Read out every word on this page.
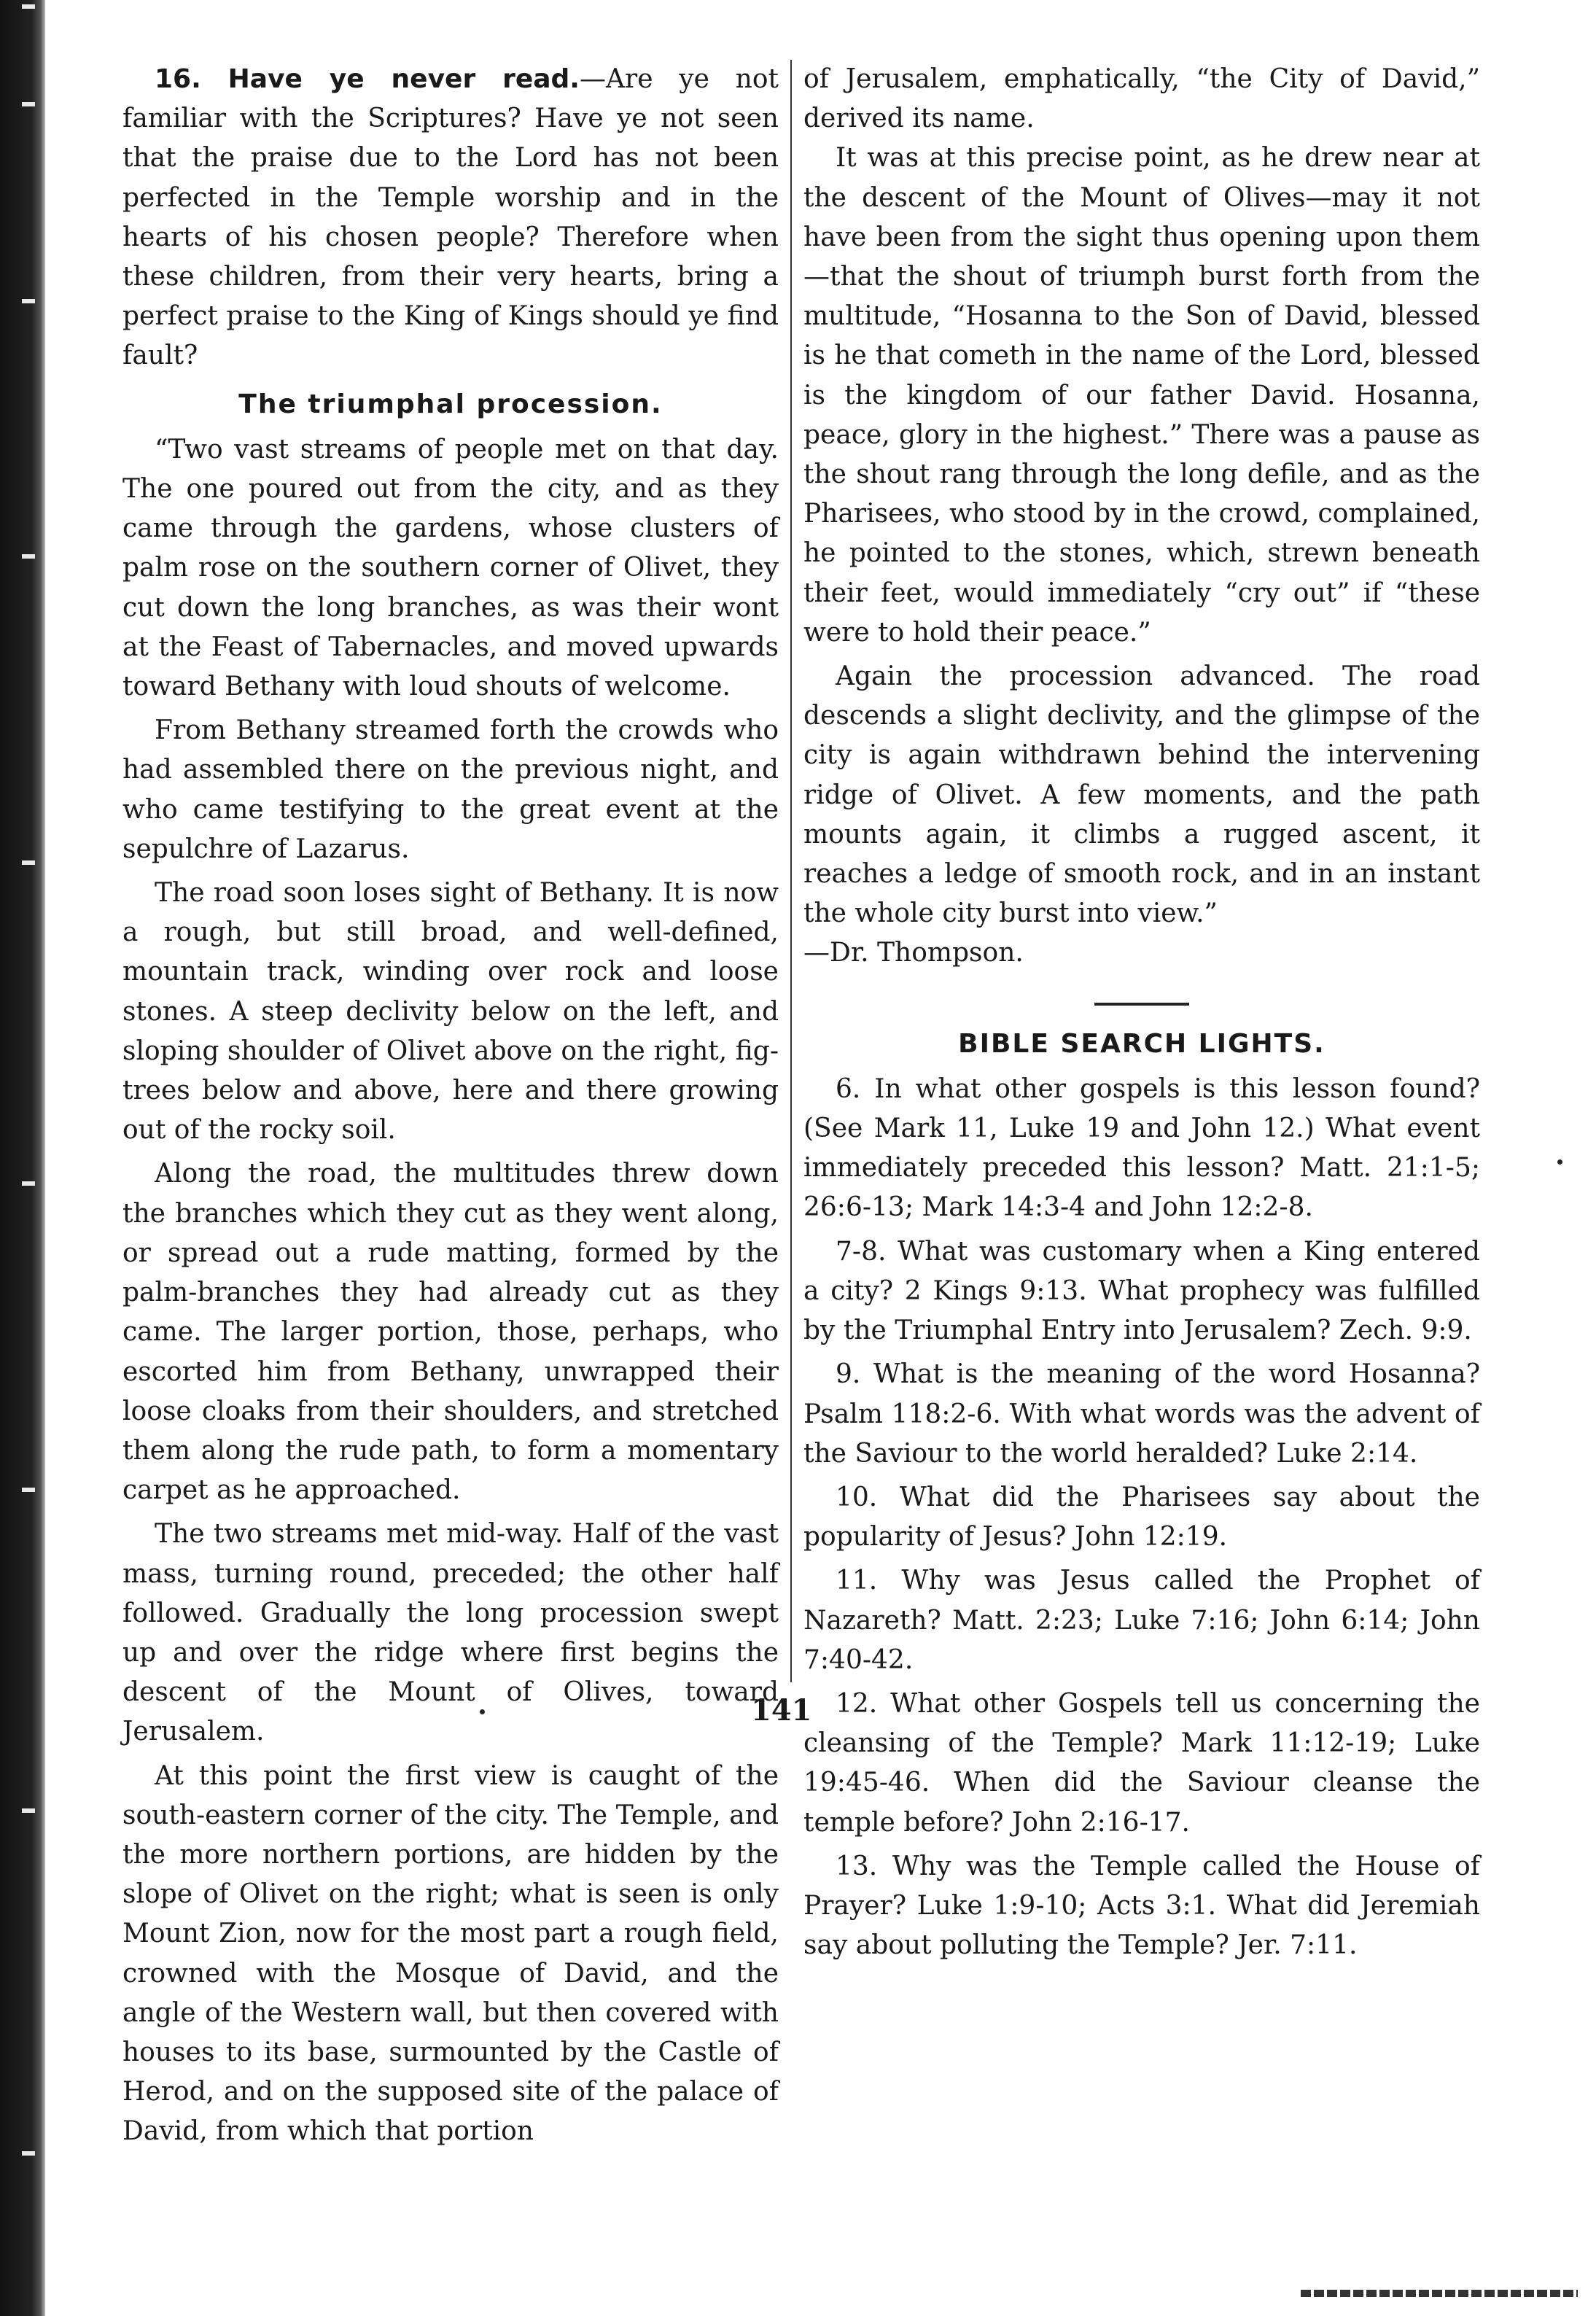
16. Have ye never read.—Are ye not familiar with the Scriptures? Have ye not seen that the praise due to the Lord has not been perfected in the Temple worship and in the hearts of his chosen people? Therefore when these children, from their very hearts, bring a perfect praise to the King of Kings should ye find fault?

The triumphal procession.

“Two vast streams of people met on that day. The one poured out from the city, and as they came through the gardens, whose clusters of palm rose on the southern corner of Olivet, they cut down the long branches, as was their wont at the Feast of Tabernacles, and moved upwards toward Bethany with loud shouts of welcome.

From Bethany streamed forth the crowds who had assembled there on the previous night, and who came testifying to the great event at the sepulchre of Lazarus.

The road soon loses sight of Bethany. It is now a rough, but still broad, and well-defined, mountain track, winding over rock and loose stones. A steep declivity below on the left, and sloping shoulder of Olivet above on the right, fig-trees below and above, here and there growing out of the rocky soil.

Along the road, the multitudes threw down the branches which they cut as they went along, or spread out a rude matting, formed by the palm-branches they had already cut as they came. The larger portion, those, perhaps, who escorted him from Bethany, unwrapped their loose cloaks from their shoulders, and stretched them along the rude path, to form a momentary carpet as he approached.

The two streams met mid-way. Half of the vast mass, turning round, preceded; the other half followed. Gradually the long procession swept up and over the ridge where first begins the descent of the Mount of Olives, toward Jerusalem.

At this point the first view is caught of the south-eastern corner of the city. The Temple, and the more northern portions, are hidden by the slope of Olivet on the right; what is seen is only Mount Zion, now for the most part a rough field, crowned with the Mosque of David, and the angle of the Western wall, but then covered with houses to its base, surmounted by the Castle of Herod, and on the supposed site of the palace of David, from which that portion

of Jerusalem, emphatically, “the City of David,” derived its name.

It was at this precise point, as he drew near at the descent of the Mount of Olives—may it not have been from the sight thus opening upon them—that the shout of triumph burst forth from the multitude, “Hosanna to the Son of David, blessed is he that cometh in the name of the Lord, blessed is the kingdom of our father David. Hosanna, peace, glory in the highest.” There was a pause as the shout rang through the long defile, and as the Pharisees, who stood by in the crowd, complained, he pointed to the stones, which, strewn beneath their feet, would immediately “cry out” if “these were to hold their peace.”

Again the procession advanced. The road descends a slight declivity, and the glimpse of the city is again withdrawn behind the intervening ridge of Olivet. A few moments, and the path mounts again, it climbs a rugged ascent, it reaches a ledge of smooth rock, and in an instant the whole city burst into view.”

—Dr. Thompson.

BIBLE SEARCH LIGHTS.

6. In what other gospels is this lesson found? (See Mark 11, Luke 19 and John 12.) What event immediately preceded this lesson? Matt. 21:1-5; 26:6-13; Mark 14:3-4 and John 12:2-8.

7-8. What was customary when a King entered a city? 2 Kings 9:13. What prophecy was fulfilled by the Triumphal Entry into Jerusalem? Zech. 9:9.

9. What is the meaning of the word Hosanna? Psalm 118:2-6. With what words was the advent of the Saviour to the world heralded? Luke 2:14.

10. What did the Pharisees say about the popularity of Jesus? John 12:19.

11. Why was Jesus called the Prophet of Nazareth? Matt. 2:23; Luke 7:16; John 6:14; John 7:40-42.

12. What other Gospels tell us concerning the cleansing of the Temple? Mark 11:12-19; Luke 19:45-46. When did the Saviour cleanse the temple before? John 2:16-17.

13. Why was the Temple called the House of Prayer? Luke 1:9-10; Acts 3:1. What did Jeremiah say about polluting the Temple? Jer. 7:11.

141
